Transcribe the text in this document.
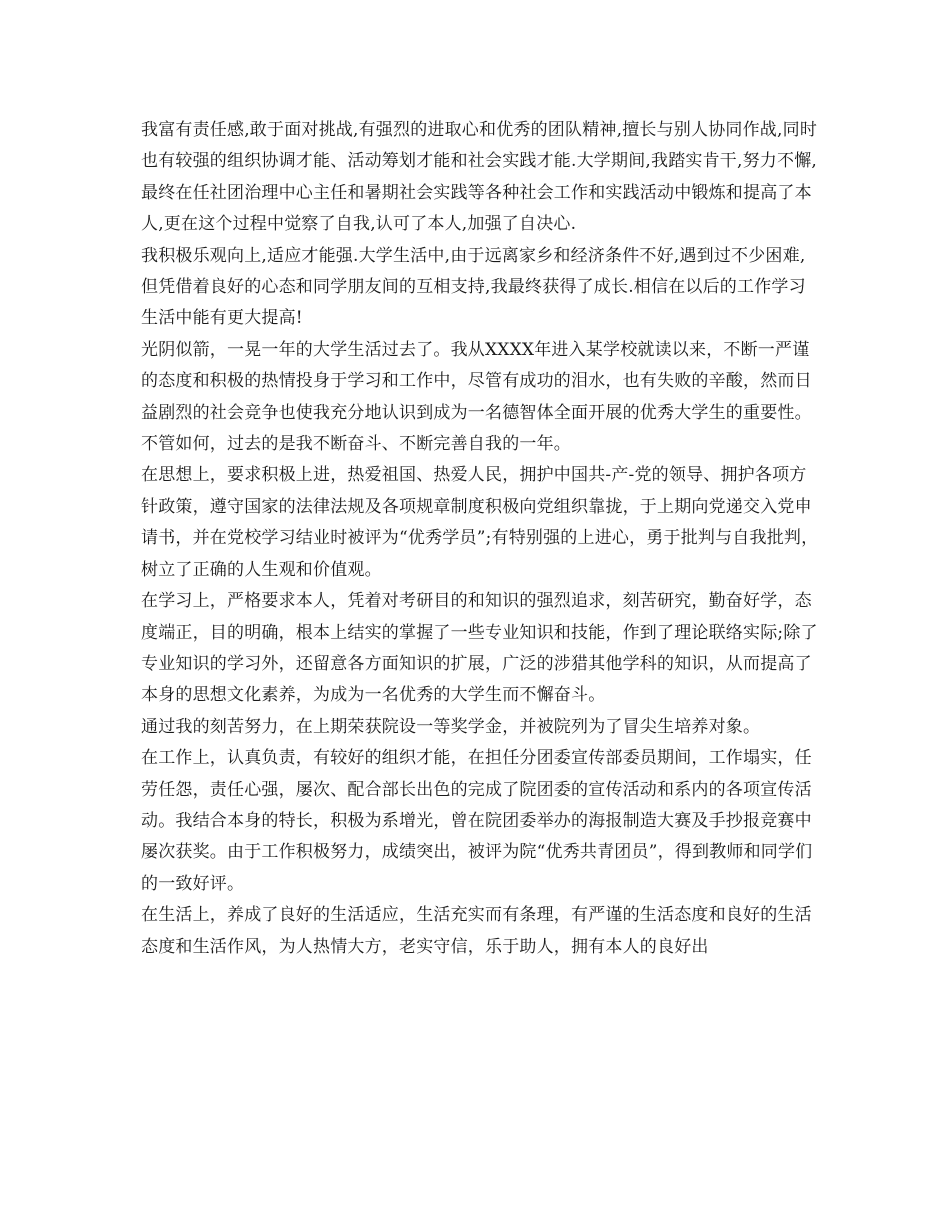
我富有责任感,敢于面对挑战,有强烈的进取心和优秀的团队精神,擅长与别人协同作战,同时也有较强的组织协调才能、活动筹划才能和社会实践才能.大学期间,我踏实肯干,努力不懈,最终在任社团治理中心主任和暑期社会实践等各种社会工作和实践活动中锻炼和提高了本人,更在这个过程中觉察了自我,认可了本人,加强了自决心.

我积极乐观向上,适应才能强.大学生活中,由于远离家乡和经济条件不好,遇到过不少困难,但凭借着良好的心态和同学朋友间的互相支持,我最终获得了成长.相信在以后的工作学习生活中能有更大提高!

光阴似箭，一晃一年的大学生活过去了。我从XXXX年进入某学校就读以来，不断一严谨的态度和积极的热情投身于学习和工作中，尽管有成功的泪水，也有失败的辛酸，然而日益剧烈的社会竞争也使我充分地认识到成为一名德智体全面开展的优秀大学生的重要性。不管如何，过去的是我不断奋斗、不断完善自我的一年。

在思想上，要求积极上进，热爱祖国、热爱人民，拥护中国共-产-党的领导、拥护各项方针政策，遵守国家的法律法规及各项规章制度积极向党组织靠拢，于上期向党递交入党申请书，并在党校学习结业时被评为“优秀学员”;有特别强的上进心，勇于批判与自我批判，树立了正确的人生观和价值观。

在学习上，严格要求本人，凭着对考研目的和知识的强烈追求，刻苦研究，勤奋好学，态度端正，目的明确，根本上结实的掌握了一些专业知识和技能，作到了理论联络实际;除了专业知识的学习外，还留意各方面知识的扩展，广泛的涉猎其他学科的知识，从而提高了本身的思想文化素养，为成为一名优秀的大学生而不懈奋斗。

通过我的刻苦努力，在上期荣获院设一等奖学金，并被院列为了冒尖生培养对象。

在工作上，认真负责，有较好的组织才能，在担任分团委宣传部委员期间，工作塌实，任劳任怨，责任心强，屡次、配合部长出色的完成了院团委的宣传活动和系内的各项宣传活动。我结合本身的特长，积极为系增光，曾在院团委举办的海报制造大赛及手抄报竞赛中屡次获奖。由于工作积极努力，成绩突出，被评为院“优秀共青团员”，得到教师和同学们的一致好评。

在生活上，养成了良好的生活适应，生活充实而有条理，有严谨的生活态度和良好的生活态度和生活作风，为人热情大方，老实守信，乐于助人，拥有本人的良好出
